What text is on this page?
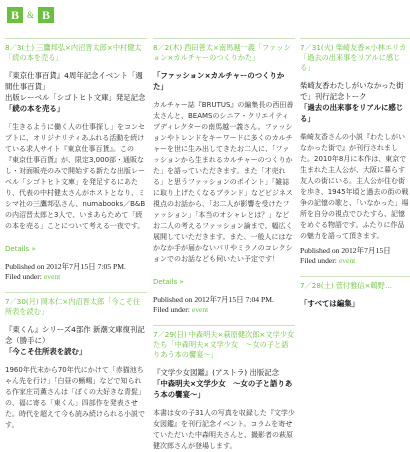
B & B
8／3(土) 三鷹邦弘×内沼晋太郎×中村健太「続の本を売る」
『東京仕事百貨』4周年記念イベント「週間仕事百貨」
出版レーベル「シゴトヒト文庫」発足記念
「続の本を売る」
「生きるように働く人の仕事探し」をコンセプトに、オリジナリティあふれる活動を続けている求人サイト『東京仕事百貨』。この『東京仕事百貨』が、限定3,000部・通販なし・対面販売のみで開始する新たな出版レーベル「シゴトヒト文庫」を発足するにあたり、代表の中村健太さんがホストとなり、ミシマ社の三鷹邦弘さん、numabooks／B&Bの内沼晋太郎と3人で、いまあらためて「続の本を売る」ことについて考える一夜です。
Details »
Published on 2012年7月15日 7:05 PM.
Filed under: event
7／30(月) 岡本仁×内沼晋太郎「今こそ住所表を読む」
『東くん』シリーズ4部作 新潮文庫復刊記念（勝手に）
「今こそ住所表を読む」
1960年代末から70年代にかけて「赤猫池ちゃん先を行け」「白昼の蜥蜴」などで知られる作家庄司薫さんは「ぼくの大好きな青髭」の、福に寄る「東くん」四部作を発表させた。時代を超えて今も読み続けられる小説です。
8／2(木) 西田善太×南馬越一義「ファッション×カルチャーのつくりかた」
「ファッション×カルチャーのつくりかた」
カルチャー誌『BRUTUS』の編集長の西田善太さんと、BEAMSのシニア・クリエイティブディレクターの南馬越一義さん。ファッションやトレンドをキーワードに多くのカルチャーを世に生み出してきたお二人に、「ファッションから生まれるカルチャーのつくりかた」を語っていただきます。また「才売れる」と思うファッションのポイント」「雑誌に取り上げたくなるブランド」などビジネス視点のお話から、「お二人が影響を受けたファッション」「本当のオシャレとは？」などお二人の考えるファッション論まで、幅広く展開していただきます。また、一般人にはなかなか手が届かないパリやミラノのコレクションでのお話なども伺いたい予定です！
Details »
Published on 2012年7月15日 7:04 PM.
Filed under: event
7／29(日) 中森明夫×萩原健次郎×文学少女たち「中森明夫×文学少女　～女の子と語りあう本の饗宴～」
『文学少女図鑑』(アストラ) 出版記念
「中森明夫×文学少女　～女の子と語りあう本の饗宴～」
本書は女の子31人の写真を収録した『文学少女図鑑』を刊行記念イベント。コラムを寄せていただいた中森明夫さんと、撮影者の萩原健次郎さんが登場します。
7／31(火) 柴崎友香×小林エリカ「過去の出来事をリアルに感じる」
柴崎友香わたしがいなかった街で」刊行記念トーク
「過去の出来事をリアルに感じる」
柴崎友香さんの小説『わたしがいなかった街で』が刊行されました。2010年8月に本作は、東京で生まれた主人公が、大阪に暮らす友人の街にいる。主人公が住む街を歩き、1945年頃と過去の街の戦争の記憶の歌と、「いなかった」場所を自分の視点でひたすら、記憶をめぐる物語です。ふたりに作品の魅力を語って頂きます。
Published on 2012年7月15日
Filed under: event
7／28(土) 菅付雅信×鶴野…
「すべては編集」
